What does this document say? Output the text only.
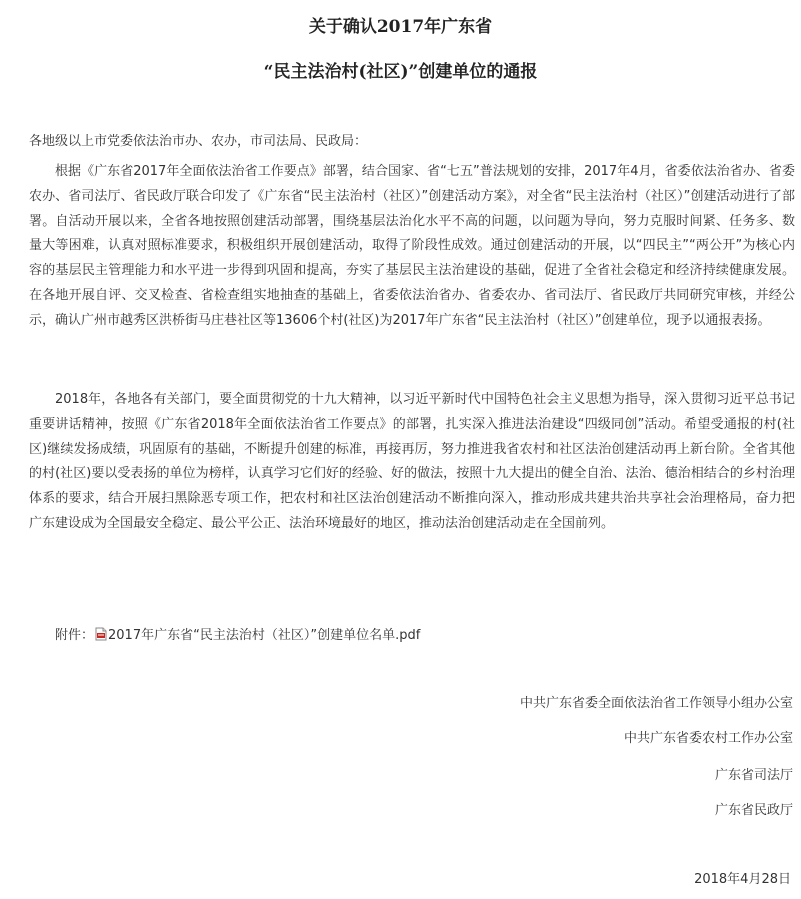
关于确认2017年广东省
“民主法治村(社区)”创建单位的通报
各地级以上市党委依法治市办、农办，市司法局、民政局：

根据《广东省2017年全面依法治省工作要点》部署，结合国家、省“七五”普法规划的安排，2017年4月，省委依法治省办、省委农办、省司法厅、省民政厅联合印发了《广东省“民主法治村（社区）”创建活动方案》，对全省“民主法治村（社区）”创建活动进行了部署。自活动开展以来，全省各地按照创建活动部署，围绕基层法治化水平不高的问题，以问题为导向，努力克服时间紧、任务多、数量大等困难，认真对照标准要求，积极组织开展创建活动，取得了阶段性成效。通过创建活动的开展，以“四民主”“两公开”为核心内容的基层民主管理能力和水平进一步得到巩固和提高，夯实了基层民主法治建设的基础，促进了全省社会稳定和经济持续健康发展。在各地开展自评、交叉检查、省检查组实地抽查的基础上，省委依法治省办、省委农办、省司法厅、省民政厅共同研究审核，并经公示，确认广州市越秀区洪桥街马庄巷社区等13606个村(社区)为2017年广东省“民主法治村（社区）”创建单位，现予以通报表扬。

2018年，各地各有关部门，要全面贯彻党的十九大精神，以习近平新时代中国特色社会主义思想为指导，深入贯彻习近平总书记重要讲话精神，按照《广东省2018年全面依法治省工作要点》的部署，扎实深入推进法治建设“四级同创”活动。希望受通报的村(社区)继续发扬成绩，巩固原有的基础，不断提升创建的标准，再接再厉，努力推进我省农村和社区法治创建活动再上新台阶。全省其他的村(社区)要以受表扬的单位为榜样，认真学习它们好的经验、好的做法，按照十九大提出的健全自治、法治、德治相结合的乡村治理体系的要求，结合开展扫黑除恶专项工作，把农村和社区法治创建活动不断推向深入，推动形成共建共治共享社会治理格局，奋力把广东建设成为全国最安全稳定、最公平公正、法治环境最好的地区，推动法治创建活动走在全国前列。

附件： 2017年广东省“民主法治村（社区）”创建单位名单.pdf
中共广东省委全面依法治省工作领导小组办公室
中共广东省委农村工作办公室
广东省司法厅
广东省民政厅
2018年4月28日
